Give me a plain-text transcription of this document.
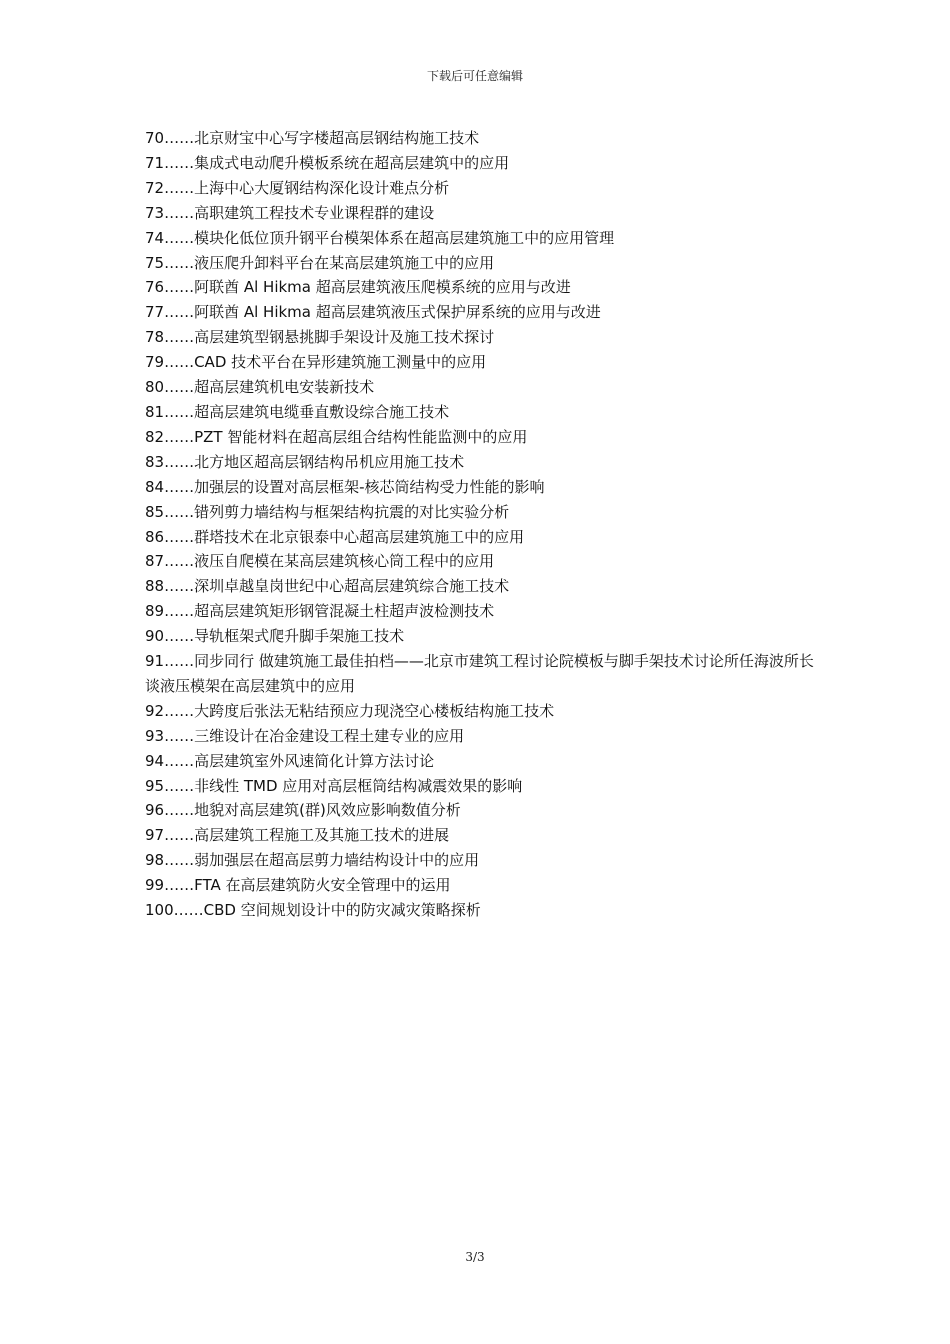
下载后可任意编辑
70……北京财宝中心写字楼超高层钢结构施工技术
71……集成式电动爬升模板系统在超高层建筑中的应用
72……上海中心大厦钢结构深化设计难点分析
73……高职建筑工程技术专业课程群的建设
74……模块化低位顶升钢平台模架体系在超高层建筑施工中的应用管理
75……液压爬升卸料平台在某高层建筑施工中的应用
76……阿联酋 Al Hikma 超高层建筑液压爬模系统的应用与改进
77……阿联酋 Al Hikma 超高层建筑液压式保护屏系统的应用与改进
78……高层建筑型钢悬挑脚手架设计及施工技术探讨
79……CAD 技术平台在异形建筑施工测量中的应用
80……超高层建筑机电安装新技术
81……超高层建筑电缆垂直敷设综合施工技术
82……PZT 智能材料在超高层组合结构性能监测中的应用
83……北方地区超高层钢结构吊机应用施工技术
84……加强层的设置对高层框架-核芯筒结构受力性能的影响
85……错列剪力墙结构与框架结构抗震的对比实验分析
86……群塔技术在北京银泰中心超高层建筑施工中的应用
87……液压自爬模在某高层建筑核心筒工程中的应用
88……深圳卓越皇岗世纪中心超高层建筑综合施工技术
89……超高层建筑矩形钢管混凝土柱超声波检测技术
90……导轨框架式爬升脚手架施工技术
91……同步同行 做建筑施工最佳拍档——北京市建筑工程讨论院模板与脚手架技术讨论所任海波所长谈液压模架在高层建筑中的应用
92……大跨度后张法无粘结预应力现浇空心楼板结构施工技术
93……三维设计在冶金建设工程土建专业的应用
94……高层建筑室外风速简化计算方法讨论
95……非线性 TMD 应用对高层框筒结构减震效果的影响
96……地貌对高层建筑(群)风效应影响数值分析
97……高层建筑工程施工及其施工技术的进展
98……弱加强层在超高层剪力墙结构设计中的应用
99……FTA 在高层建筑防火安全管理中的运用
100……CBD 空间规划设计中的防灾减灾策略探析
3/3
